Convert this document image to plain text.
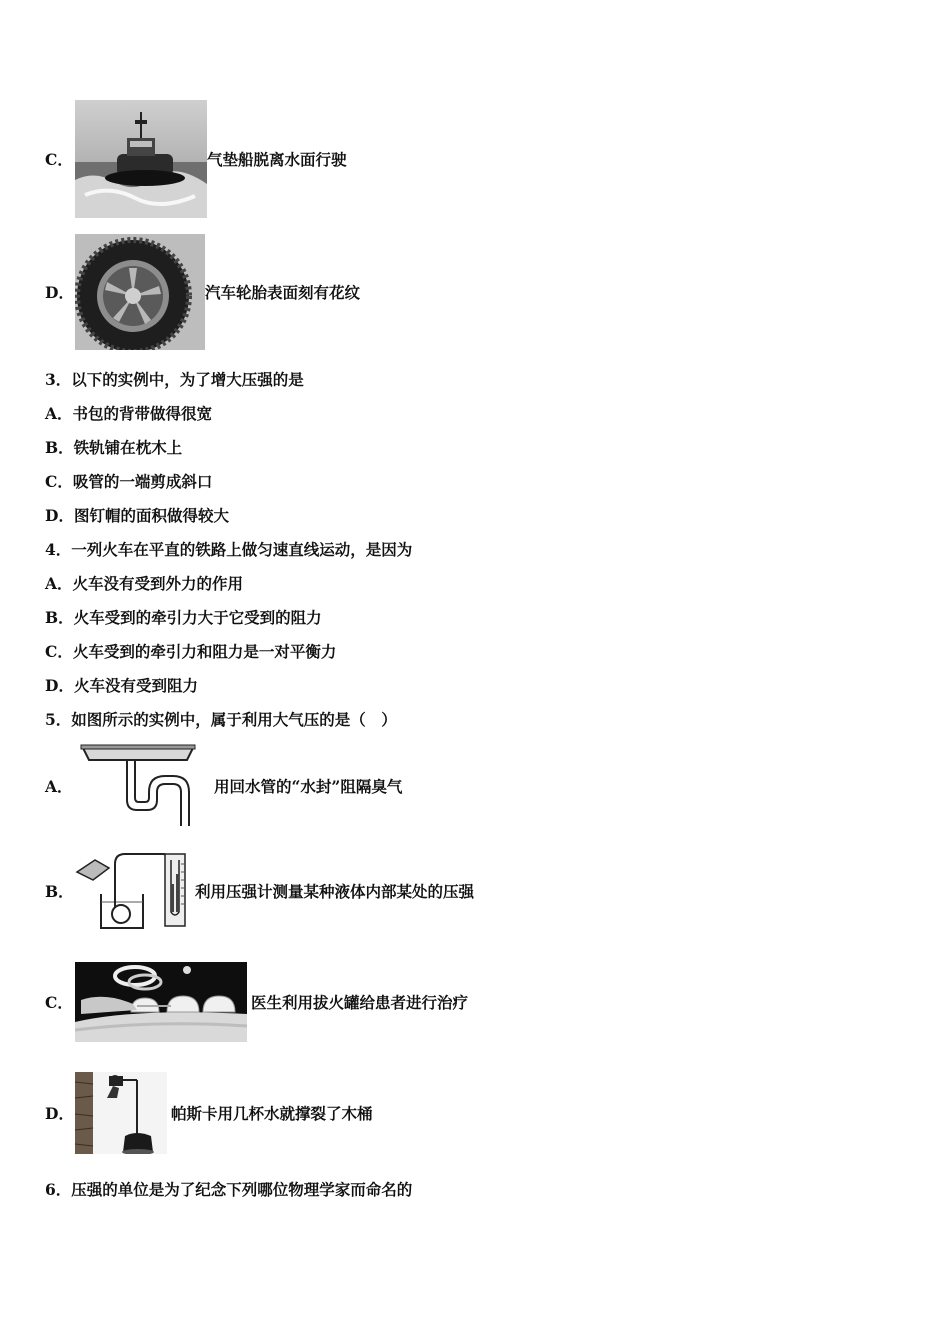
C．	气垫船脱离水面行驶
D．	汽车轮胎表面刻有花纹
3．以下的实例中，为了增大压强的是
A．书包的背带做得很宽
B．铁轨铺在枕木上
C．吸管的一端剪成斜口
D．图钉帽的面积做得较大
4．一列火车在平直的铁路上做匀速直线运动，是因为
A．火车没有受到外力的作用
B．火车受到的牵引力大于它受到的阻力
C．火车受到的牵引力和阻力是一对平衡力
D．火车没有受到阻力
5．如图所示的实例中，属于利用大气压的是（　）
A．	用回水管的“水封”阻隔臭气
B．	利用压强计测量某种液体内部某处的压强
C．	医生利用拔火罐给患者进行治疗
D．	帕斯卡用几杯水就撑裂了木桶
6．压强的单位是为了纪念下列哪位物理学家而命名的
